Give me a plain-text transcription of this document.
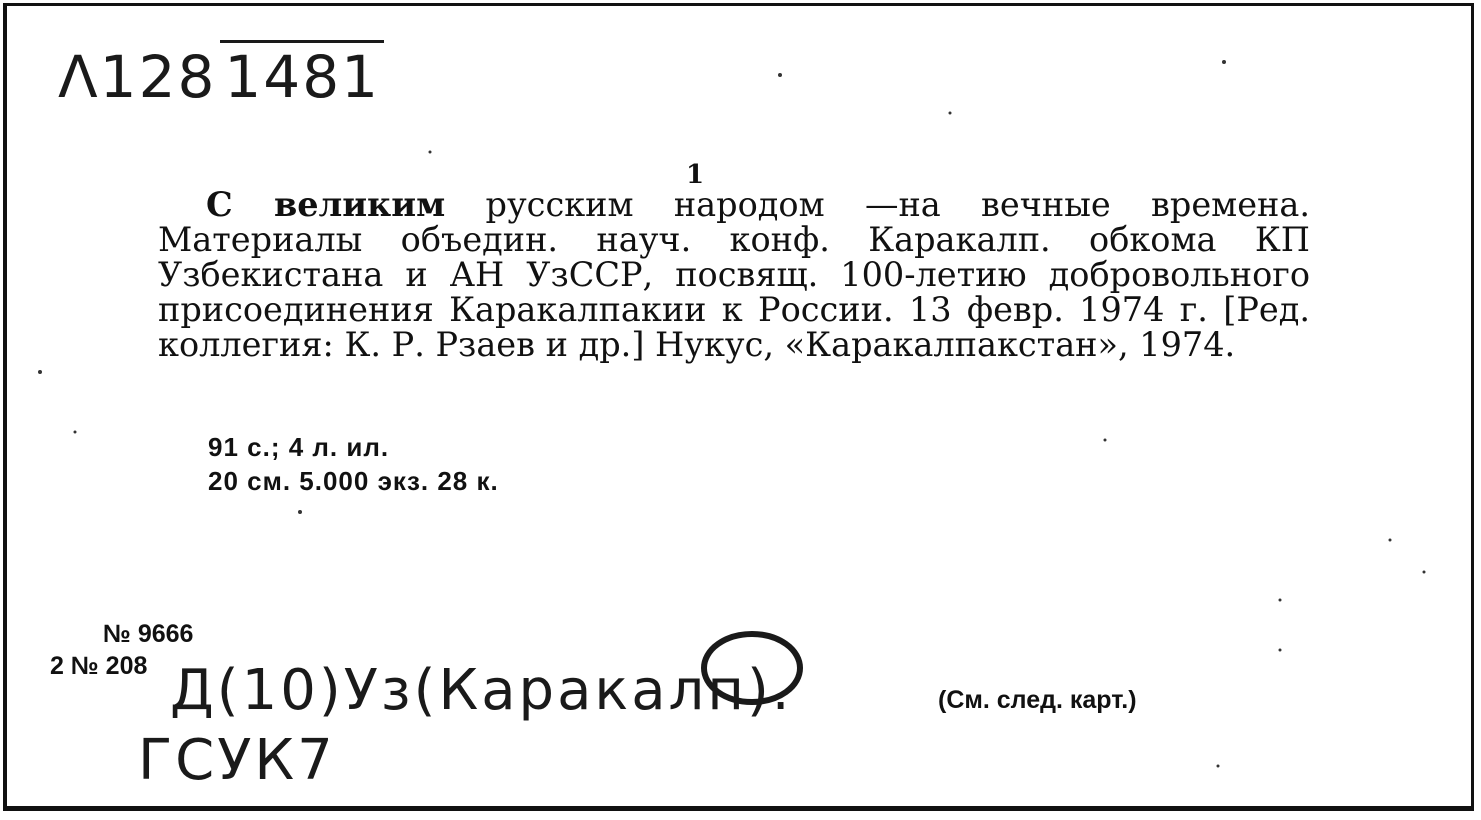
Λ128 1481
1

С великим русским народом —на вечные времена. Материалы объедин. науч. конф. Каракалп. обкома КП Узбекистана и АН УзССР, посвящ. 100-летию добровольного присоединения Каракалпакии к России. 13 февр. 1974 г. [Ред. коллегия: К. Р. Рзаев и др.] Нукус, «Каракалпакстан», 1974.

91 с.; 4 л. ил.
20 см. 5.000 экз. 28 к.
№ 9666
2 № 208 Д(10)Уз(Каракалп).
ГСУК7
(См. след. карт.)
